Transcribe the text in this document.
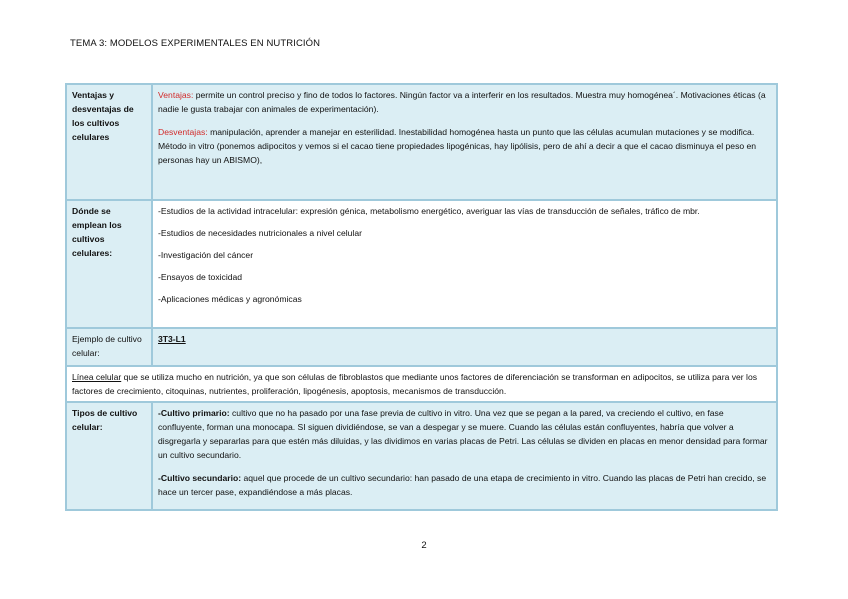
TEMA 3: MODELOS EXPERIMENTALES EN NUTRICIÓN
Ventajas y desventajas de los cultivos celulares	Ventajas: permite un control preciso y fino de todos lo factores. Ningún factor va a interferir en los resultados. Muestra muy homogénea´. Motivaciones éticas (a nadie le gusta trabajar con animales de experimentación).

Desventajas: manipulación, aprender a manejar en esterilidad. Inestabilidad homogénea hasta un punto que las células acumulan mutaciones y se modifica. Método in vitro (ponemos adipocitos y vemos si el cacao tiene propiedades lipogénicas, hay lipólisis, pero de ahí a decir a que el cacao disminuya el peso en personas hay un ABISMO),

Dónde se emplean los cultivos celulares:	-Estudios de la actividad intracelular: expresión génica, metabolismo energético, averiguar las vías de transducción de señales, tráfico de mbr.

-Estudios de necesidades nutricionales a nivel celular

-Investigación del cáncer

-Ensayos de toxicidad

-Aplicaciones médicas y agronómicas

Ejemplo de cultivo celular:	3T3-L1
Línea celular que se utiliza mucho en nutrición, ya que son células de fibroblastos que mediante unos factores de diferenciación se transforman en adipocitos, se utiliza para ver los factores de crecimiento, citoquinas, nutrientes, proliferación, lipogénesis, apoptosis, mecanismos de transducción.	
Tipos de cultivo celular:	-Cultivo primario: cultivo que no ha pasado por una fase previa de cultivo in vitro. Una vez que se pegan a la pared, va creciendo el cultivo, en fase confluyente, forman una monocapa. SI siguen dividiéndose, se van a despegar y se muere. Cuando las células están confluyentes, habría que volver a disgregarla y separarlas para que estén más diluidas, y las dividimos en varias placas de Petri. Las células se dividen en placas en menor densidad para formar un cultivo secundario.

-Cultivo secundario: aquel que procede de un cultivo secundario: han pasado de una etapa de crecimiento in vitro. Cuando las placas de Petri han crecido, se hace un tercer pase, expandiéndose a más placas.

2
